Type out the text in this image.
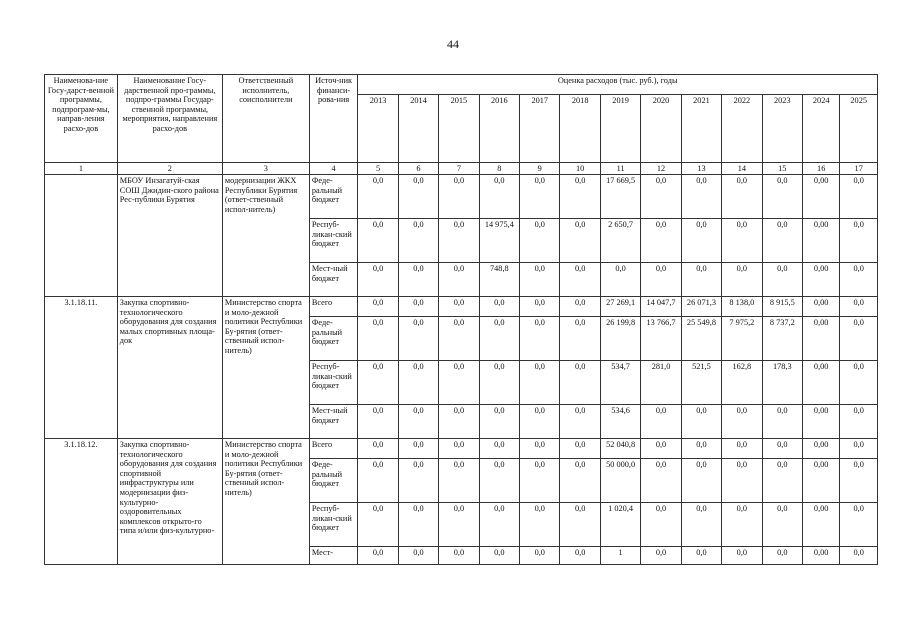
44
Наименова-ние Госу-дарст-венной программы, подпрограм-мы, направ-ления расхо-дов	Наименование Госу-дарственной про-граммы, подпро-граммы Государ-ственной программы, мероприятия, направления расхо-дов	Ответственный исполнитель, соисполнители	Источ-ник финанси-рова-ния	Оценка расходов (тыс. руб.), годы												
				2013	2014	2015	2016	2017	2018	2019	2020	2021	2022	2023	2024	2025
1	2	3	4	5	6	7	8	9	10	11	12	13	14	15	16	17
	МБОУ Инзагатуй-ская СОШ Джидин-ского района Рес-публики Бурятия	модернизации ЖКХ Республики Бурятия (ответ-ственный испол-нитель)	Феде-ральный бюджет	0,0	0,0	0,0	0,0	0,0	0,0	17 669,5	0,0	0,0	0,0	0,0	0,00	0,0
			Респуб-ликан-ский бюджет	0,0	0,0	0,0	14 975,4	0,0	0,0	2 650,7	0,0	0,0	0,0	0,0	0,00	0,0
			Мест-ный бюджет	0,0	0,0	0,0	748,8	0,0	0,0	0,0	0,0	0,0	0,0	0,0	0,00	0,0
3.1.18.11.	Закупка спортивно-технологического оборудования для создания малых спортивных площа-док	Министерство спорта и моло-дежной политики Республики Бу-рятия (ответ-ственный испол-нитель)	Всего	0,0	0,0	0,0	0,0	0,0	0,0	27 269,1	14 047,7	26 071,3	8 138,0	8 915,5	0,00	0,0
			Феде-ральный бюджет	0,0	0,0	0,0	0,0	0,0	0,0	26 199,8	13 766,7	25 549,8	7 975,2	8 737,2	0,00	0,0
			Респуб-ликан-ский бюджет	0,0	0,0	0,0	0,0	0,0	0,0	534,7	281,0	521,5	162,8	178,3	0,00	0,0
			Мест-ный бюджет	0,0	0,0	0,0	0,0	0,0	0,0	534,6	0,0	0,0	0,0	0,0	0,00	0,0
3.1.18.12.	Закупка спортивно-технологического оборудования для создания спортивной инфраструктуры или модернизации физ-культурно-оздоровительных комплексов открыто-го типа и/или физ-культурно-	Министерство спорта и моло-дежной политики Республики Бу-рятия (ответ-ственный испол-нитель)	Всего	0,0	0,0	0,0	0,0	0,0	0,0	52 040,8	0,0	0,0	0,0	0,0	0,00	0,0
			Феде-ральный бюджет	0,0	0,0	0,0	0,0	0,0	0,0	50 000,0	0,0	0,0	0,0	0,0	0,00	0,0
			Респуб-ликан-ский бюджет	0,0	0,0	0,0	0,0	0,0	0,0	1 020,4	0,0	0,0	0,0	0,0	0,00	0,0
			Мест-	0,0	0,0	0,0	0,0	0,0	0,0	1	0,0	0,0	0,0	0,0	0,00	0,0
